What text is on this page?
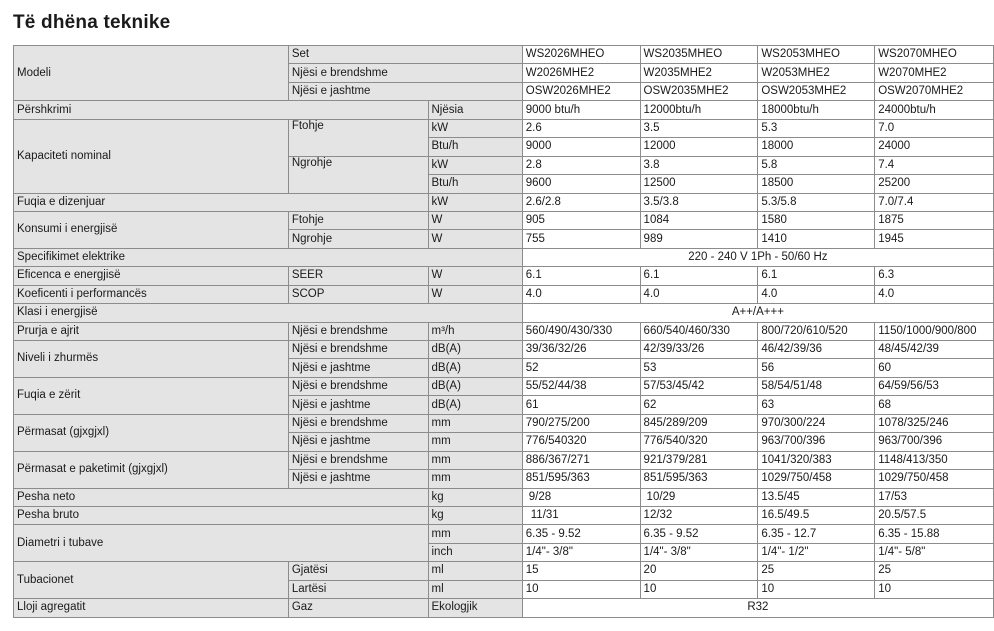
Të dhëna teknike
Modeli	Set		WS2026MHEO	WS2035MHEO	WS2053MHEO	WS2070MHEO
	Njësi e brendshme		W2026MHE2	W2035MHE2	W2053MHE2	W2070MHE2
	Njësi e jashtme		OSW2026MHE2	OSW2035MHE2	OSW2053MHE2	OSW2070MHE2
Përshkrimi		Njësia	9000 btu/h	12000btu/h	18000btu/h	24000btu/h
Kapaciteti nominal	Ftohje	kW	2.6	3.5	5.3	7.0
		Btu/h	9000	12000	18000	24000
	Ngrohje	kW	2.8	3.8	5.8	7.4
		Btu/h	9600	12500	18500	25200
Fuqia e dizenjuar		kW	2.6/2.8	3.5/3.8	5.3/5.8	7.0/7.4
Konsumi i energjisë	Ftohje	W	905	1084	1580	1875
	Ngrohje	W	755	989	1410	1945
Specifikimet elektrike			220 - 240 V 1Ph - 50/60 Hz			
Eficenca e energjisë	SEER	W	6.1	6.1	6.1	6.3
Koeficenti i performancës	SCOP	W	4.0	4.0	4.0	4.0
Klasi i energjisë			A++/A+++			
Prurja e ajrit	Njësi e brendshme	m³/h	560/490/430/330	660/540/460/330	800/720/610/520	1150/1000/900/800
Niveli i zhurmës	Njësi e brendshme	dB(A)	39/36/32/26	42/39/33/26	46/42/39/36	48/45/42/39
	Njësi e jashtme	dB(A)	52	53	56	60
Fuqia e zërit	Njësi e brendshme	dB(A)	55/52/44/38	57/53/45/42	58/54/51/48	64/59/56/53
	Njësi e jashtme	dB(A)	61	62	63	68
Përmasat (gjxgjxl)	Njësi e brendshme	mm	790/275/200	845/289/209	970/300/224	1078/325/246
	Njësi e jashtme	mm	776/540320	776/540/320	963/700/396	963/700/396
Përmasat e paketimit (gjxgjxl)	Njësi e brendshme	mm	886/367/271	921/379/281	1041/320/383	1148/413/350
	Njësi e jashtme	mm	851/595/363	851/595/363	1029/750/458	1029/750/458
Pesha neto		kg	9/28	10/29	13.5/45	17/53
Pesha bruto		kg	11/31	12/32	16.5/49.5	20.5/57.5
Diametri i tubave		mm	6.35 - 9.52	6.35 - 9.52	6.35 - 12.7	6.35 - 15.88
		inch	1/4"- 3/8"	1/4"- 3/8"	1/4"- 1/2"	1/4"- 5/8"
Tubacionet	Gjatësi	ml	15	20	25	25
	Lartësi	ml	10	10	10	10
Lloji agregatit	Gaz	Ekologjik	R32			
